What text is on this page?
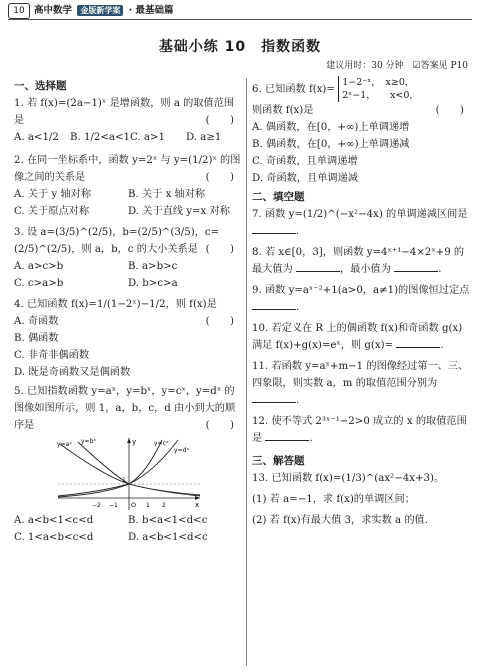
10 高中数学 金版新学案 · 最基础篇
基础小练 10　指数函数
建议用时：30 分钟　☑答案见 P10
一、选择题
1. 若 f(x)=(2a−1)ˣ 是增函数，则 a 的取值范围是	(　　)
A. a<1/2	B. 1/2<a<1 C. a>1	D. a≥1
2. 在同一坐标系中，函数 y=2ˣ 与 y=(1/2)ˣ 的图像之间的关系是	(　　)
A. 关于 y 轴对称	B. 关于 x 轴对称
C. 关于原点对称	D. 关于直线 y=x 对称
3. 设 a=(3/5)^(2/5)，b=(2/5)^(3/5)，c=(2/5)^(2/5)，则 a，b，c 的大小关系是 (　　)
A. a>c>b	B. a>b>c
C. c>a>b	D. b>c>a
4. 已知函数 f(x)=1/(1−2ˣ)−1/2，则 f(x)是
(　　)
A. 奇函数
B. 偶函数
C. 非奇非偶函数
D. 既是奇函数又是偶函数
5. 已知指数函数 y=aˣ，y=bˣ，y=cˣ，y=dˣ 的图像如图所示，则 1，a，b，c，d 由小到大的顺序是	(　　)
y=aˣ y=bˣ	y=cˣ
y=dˣ
y
x
O
1
−2 −1	1 2
A. a<b<1<c<d	B. b<a<1<d<c
C. 1<a<b<c<d	D. a<b<1<d<c
6. 已知函数 f(x)= 1−2⁻ˣ，　x≥0，
2ˣ−1，　　x<0，
则函数 f(x)是	(　　)
A. 偶函数，在[0，+∞)上单调递增
B. 偶函数，在[0，+∞)上单调递减
C. 奇函数，且单调递增
D. 奇函数，且单调递减
二、填空题
7. 函数 y=(1/2)^(−x²−4x) 的单调递减区间是 .
8. 若 x∈[0，3]，则函数 y=4ˣ⁺¹−4×2ˣ+9 的最大值为	，最小值为	.
9. 函数 y=aˣ⁻²+1(a>0，a≠1)的图像恒过定点 .
10. 若定义在 R 上的偶函数 f(x)和奇函数 g(x)满足 f(x)+g(x)=eˣ，则 g(x)=	.
11. 若函数 y=aˣ+m−1 的图像经过第一、三、四象限，则实数 a，m 的取值范围分别为 .
12. 使不等式 2³ˣ⁻¹−2>0 成立的 x 的取值范围是	.
三、解答题
13. 已知函数 f(x)=(1/3)^(ax²−4x+3)。
(1) 若 a=−1，求 f(x)的单调区间；
(2) 若 f(x)有最大值 3，求实数 a 的值.
